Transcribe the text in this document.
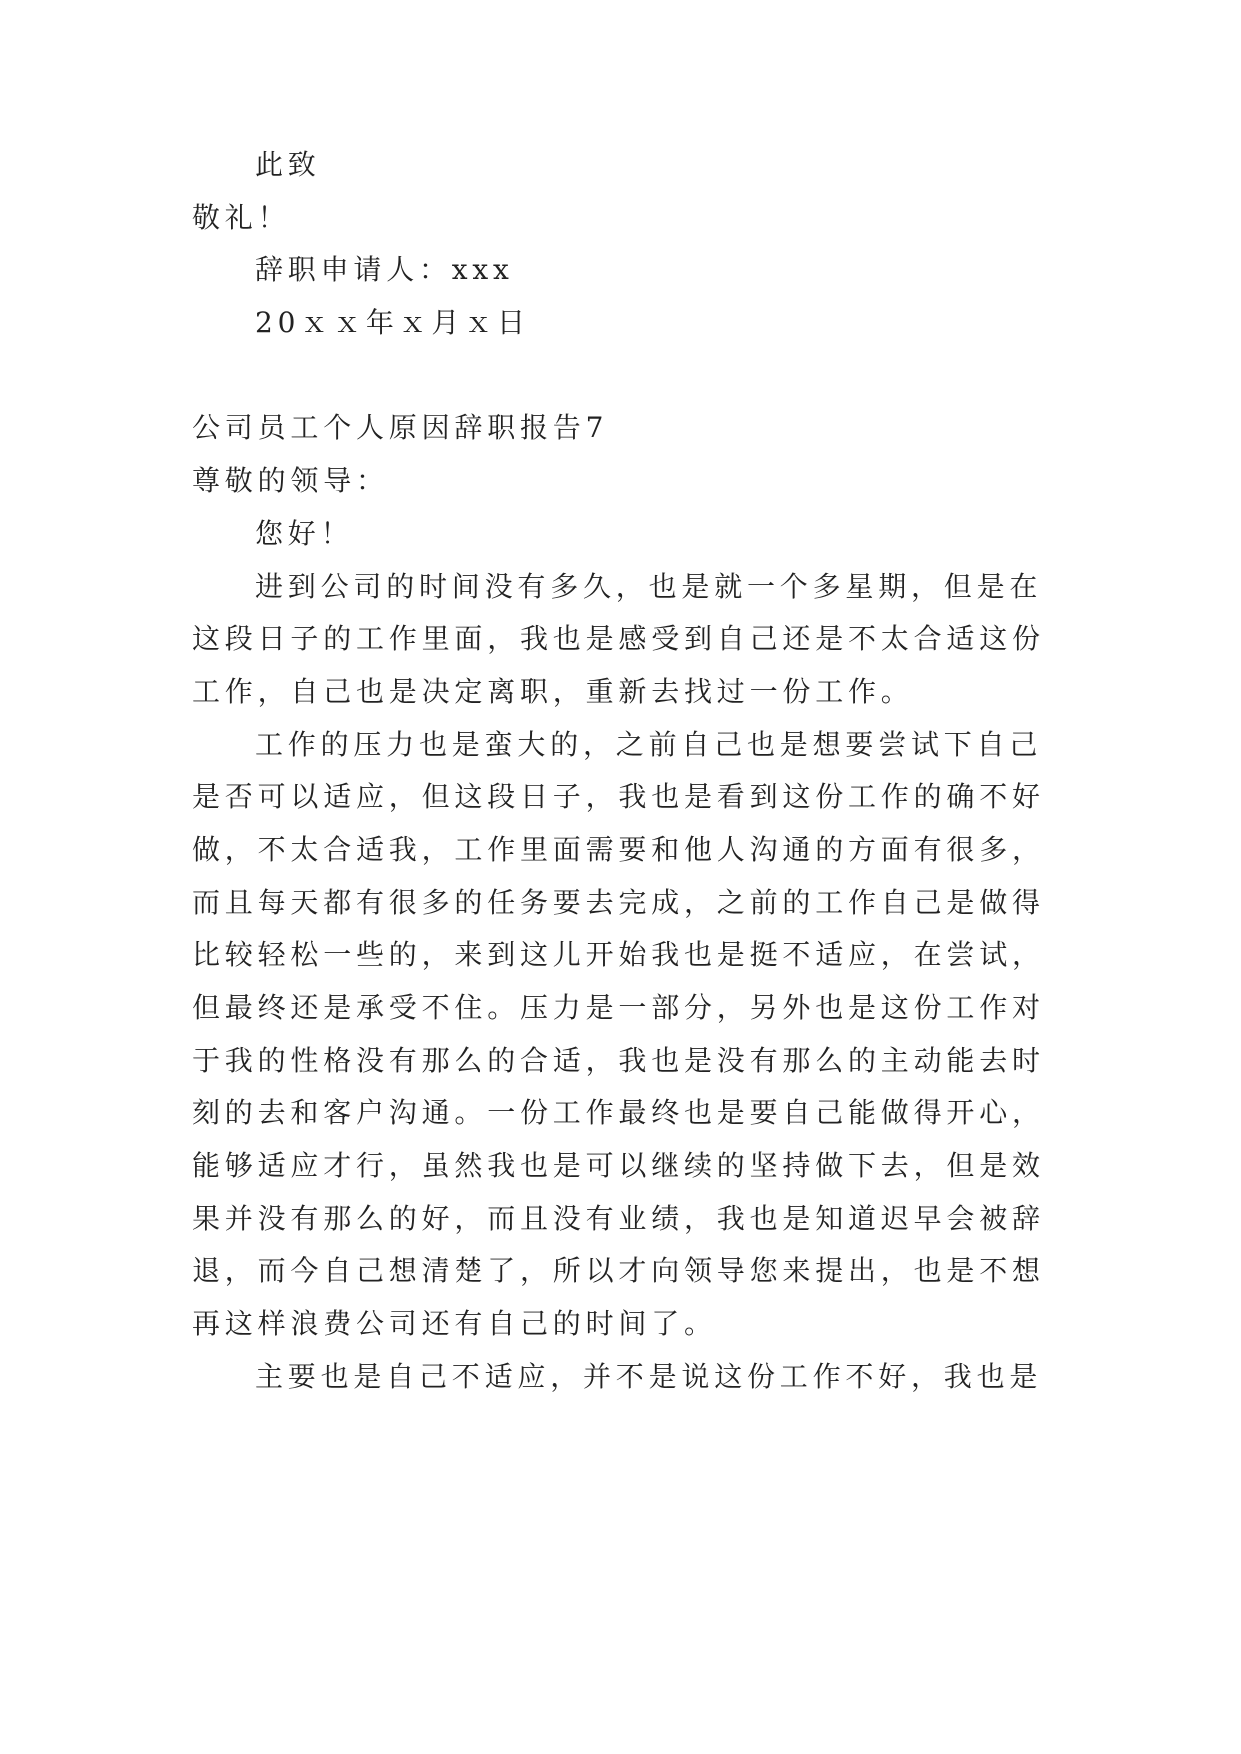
此致
敬礼！
辞职申请人：xxx
20ｘｘ年ｘ月ｘ日
公司员工个人原因辞职报告7
尊敬的领导：
您好！
进到公司的时间没有多久，也是就一个多星期，但是在
这段日子的工作里面，我也是感受到自己还是不太合适这份
工作，自己也是决定离职，重新去找过一份工作。
工作的压力也是蛮大的，之前自己也是想要尝试下自己
是否可以适应，但这段日子，我也是看到这份工作的确不好
做，不太合适我，工作里面需要和他人沟通的方面有很多，
而且每天都有很多的任务要去完成，之前的工作自己是做得
比较轻松一些的，来到这儿开始我也是挺不适应，在尝试，
但最终还是承受不住。压力是一部分，另外也是这份工作对
于我的性格没有那么的合适，我也是没有那么的主动能去时
刻的去和客户沟通。一份工作最终也是要自己能做得开心，
能够适应才行，虽然我也是可以继续的坚持做下去，但是效
果并没有那么的好，而且没有业绩，我也是知道迟早会被辞
退，而今自己想清楚了，所以才向领导您来提出，也是不想
再这样浪费公司还有自己的时间了。
主要也是自己不适应，并不是说这份工作不好，我也是
